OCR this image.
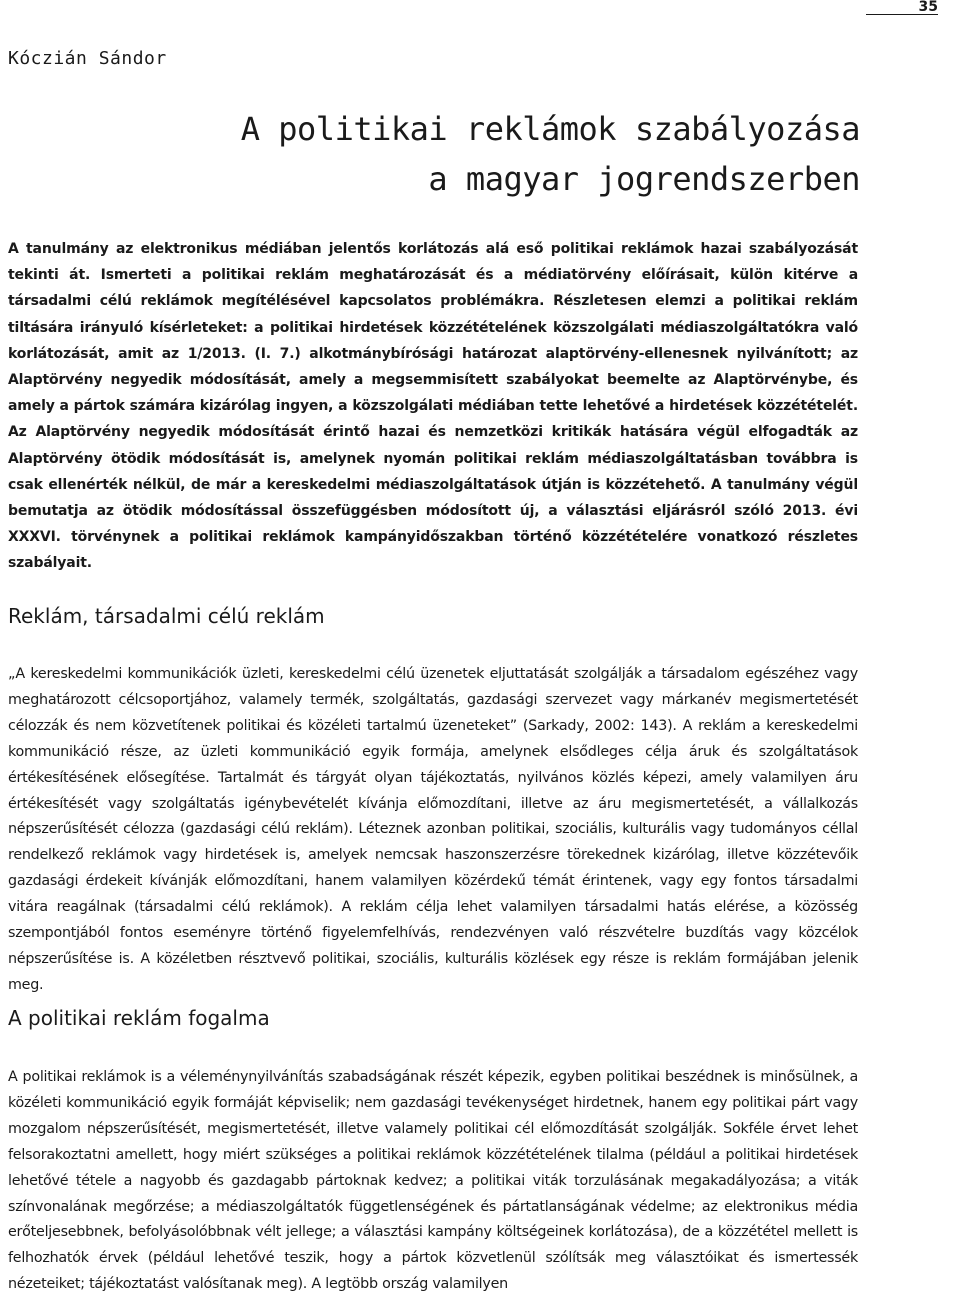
35
Kóczián Sándor
A politikai reklámok szabályozása
a magyar jogrendszerben
A tanulmány az elektronikus médiában jelentős korlátozás alá eső politikai reklámok hazai szabályozását tekinti át. Ismerteti a politikai reklám meghatározását és a médiatörvény előírásait, külön kitérve a társadalmi célú reklámok megítélésével kapcsolatos problémákra. Részletesen elemzi a politikai reklám tiltására irányuló kísérleteket: a politikai hirdetések közzétételének közszolgálati médiaszolgáltatókra való korlátozását, amit az 1/2013. (I. 7.) alkotmánybírósági határozat alaptörvény-ellenesnek nyilvánított; az Alaptörvény negyedik módosítását, amely a megsemmisített szabályokat beemelte az Alaptörvénybe, és amely a pártok számára kizárólag ingyen, a közszolgálati médiában tette lehetővé a hirdetések közzétételét. Az Alaptörvény negyedik módosítását érintő hazai és nemzetközi kritikák hatására végül elfogadták az Alaptörvény ötödik módosítását is, amelynek nyomán politikai reklám médiaszolgáltatásban továbbra is csak ellenérték nélkül, de már a kereskedelmi médiaszolgáltatások útján is közzétehető. A tanulmány végül bemutatja az ötödik módosítással összefüggésben módosított új, a választási eljárásról szóló 2013. évi XXXVI. törvénynek a politikai reklámok kampányidőszakban történő közzétételére vonatkozó részletes szabályait.
Reklám, társadalmi célú reklám
„A kereskedelmi kommunikációk üzleti, kereskedelmi célú üzenetek eljuttatását szolgálják a társadalom egészéhez vagy meghatározott célcsoportjához, valamely termék, szolgáltatás, gazdasági szervezet vagy márkanév megismertetését célozzák és nem közvetítenek politikai és közéleti tartalmú üzeneteket” (Sarkady, 2002: 143). A reklám a kereskedelmi kommunikáció része, az üzleti kommunikáció egyik formája, amelynek elsődleges célja áruk és szolgáltatások értékesítésének elősegítése. Tartalmát és tárgyát olyan tájékoztatás, nyilvános közlés képezi, amely valamilyen áru értékesítését vagy szolgáltatás igénybevételét kívánja előmozdítani, illetve az áru megismertetését, a vállalkozás népszerűsítését célozza (gazdasági célú reklám). Léteznek azonban politikai, szociális, kulturális vagy tudományos céllal rendelkező reklámok vagy hirdetések is, amelyek nemcsak haszonszerzésre törekednek kizárólag, illetve közzétevőik gazdasági érdekeit kívánják előmozdítani, hanem valamilyen közérdekű témát érintenek, vagy egy fontos társadalmi vitára reagálnak (társadalmi célú reklámok). A reklám célja lehet valamilyen társadalmi hatás elérése, a közösség szempontjából fontos eseményre történő figyelemfelhívás, rendezvényen való részvételre buzdítás vagy közcélok népszerűsítése is. A közéletben résztvevő politikai, szociális, kulturális közlések egy része is reklám formájában jelenik meg.
A politikai reklám fogalma
A politikai reklámok is a véleménynyilvánítás szabadságának részét képezik, egyben politikai beszédnek is minősülnek, a közéleti kommunikáció egyik formáját képviselik; nem gazdasági tevékenységet hirdetnek, hanem egy politikai párt vagy mozgalom népszerűsítését, megismertetését, illetve valamely politikai cél előmozdítását szolgálják. Sokféle érvet lehet felsorakoztatni amellett, hogy miért szükséges a politikai reklámok közzétételének tilalma (például a politikai hirdetések lehetővé tétele a nagyobb és gazdagabb pártoknak kedvez; a politikai viták torzulásának megakadályozása; a viták színvonalának megőrzése; a médiaszolgáltatók függetlenségének és pártatlanságának védelme; az elektronikus média erőteljesebbnek, befolyásolóbbnak vélt jellege; a választási kampány költségeinek korlátozása), de a közzététel mellett is felhozhatók érvek (például lehetővé teszik, hogy a pártok közvetlenül szólítsák meg választóikat és ismertessék nézeteiket; tájékoztatást valósítanak meg). A legtöbb ország valamilyen
